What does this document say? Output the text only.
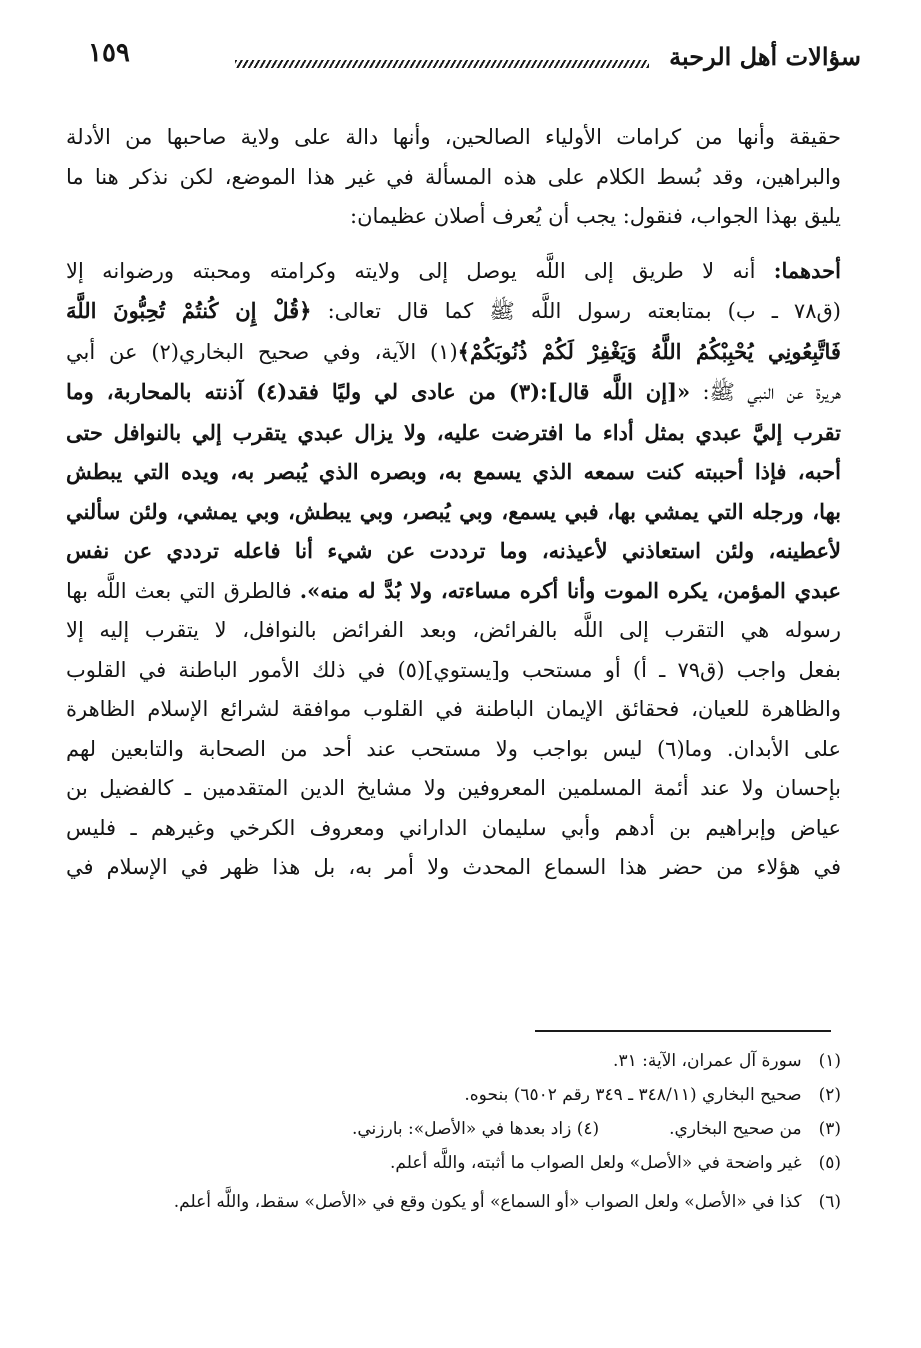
١٥٩	سؤالات أهل الرحبة
حقيقة وأنها من كرامات الأولياء الصالحين، وأنها دالة على ولاية صاحبها من الأدلة
والبراهين، وقد بُسط الكلام على هذه المسألة في غير هذا الموضع، لكن نذكر هنا ما
يليق بهذا الجواب، فنقول: يجب أن يُعرف أصلان عظيمان:
أحدهما: أنه لا طريق إلى اللَّه يوصل إلى ولايته وكرامته ومحبته ورضوانه إلا
(ق٧٨ ـ ب) بمتابعته رسول اللَّه ﷺ كما قال تعالى: ﴿قُلْ إِن كُنتُمْ تُحِبُّونَ اللَّهَ
فَاتَّبِعُونِي يُحْبِبْكُمُ اللَّهُ وَيَغْفِرْ لَكُمْ ذُنُوبَكُمْ﴾(١) الآية، وفي صحيح البخاري(٢) عن أبي
هريرة عن النبي ﷺ: «[إن اللَّه قال]:(٣) من عادى لي وليًا فقد(٤) آذنته بالمحاربة، وما
تقرب إليَّ عبدي بمثل أداء ما افترضت عليه، ولا يزال عبدي يتقرب إلي بالنوافل حتى
أحبه، فإذا أحببته كنت سمعه الذي يسمع به، وبصره الذي يُبصر به، ويده التي يبطش
بها، ورجله التي يمشي بها، فبي يسمع، وبي يُبصر، وبي يبطش، وبي يمشي، ولئن سألني
لأعطينه، ولئن استعاذني لأعيذنه، وما ترددت عن شيء أنا فاعله ترددي عن نفس
عبدي المؤمن، يكره الموت وأنا أكره مساءته، ولا بُدَّ له منه». فالطرق التي بعث اللَّه بها
رسوله هي التقرب إلى اللَّه بالفرائض، وبعد الفرائض بالنوافل، لا يتقرب إليه إلا
بفعل واجب (ق٧٩ ـ أ) أو مستحب و[يستوي](٥) في ذلك الأمور الباطنة في القلوب
والظاهرة للعيان، فحقائق الإيمان الباطنة في القلوب موافقة لشرائع الإسلام الظاهرة
على الأبدان. وما(٦) ليس بواجب ولا مستحب عند أحد من الصحابة والتابعين لهم
بإحسان ولا عند أئمة المسلمين المعروفين ولا مشايخ الدين المتقدمين ـ كالفضيل بن
عياض وإبراهيم بن أدهم وأبي سليمان الداراني ومعروف الكرخي وغيرهم ـ فليس
في هؤلاء من حضر هذا السماع المحدث ولا أمر به، بل هذا ظهر في الإسلام في
(١) سورة آل عمران، الآية: ٣١.
(٢) صحيح البخاري (٣٤٨/١١ ـ ٣٤٩ رقم ٦٥٠٢) بنحوه.
(٣) من صحيح البخاري.(٤) زاد بعدها في «الأصل»: بارزني.
(٥) غير واضحة في «الأصل» ولعل الصواب ما أثبته، واللَّه أعلم.
(٦) كذا في «الأصل» ولعل الصواب «أو السماع» أو يكون وقع في «الأصل» سقط، واللَّه أعلم.
